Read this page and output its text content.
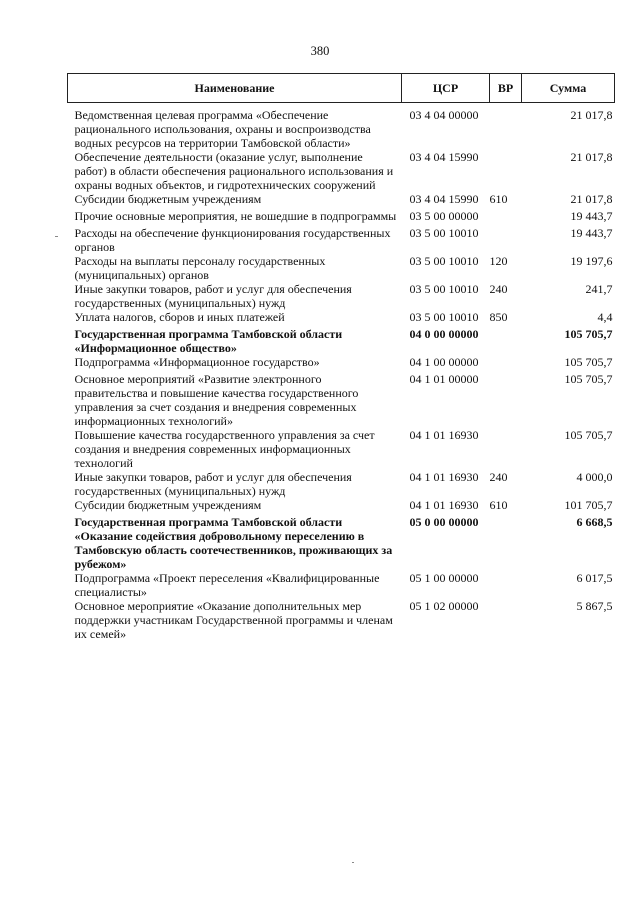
380
Наименование	ЦСР	ВР	Сумма

Ведомственная целевая программа «Обеспечение рационального использования, охраны и воспроизводства водных ресурсов на территории Тамбовской области»	03 4 04 00000		21 017,8
Обеспечение деятельности (оказание услуг, выполнение работ) в области обеспечения рационального использования и охраны водных объектов, и гидротехнических сооружений	03 4 04 15990		21 017,8
Субсидии бюджетным учреждениям	03 4 04 15990	610	21 017,8
Прочие основные мероприятия, не вошедшие в подпрограммы	03 5 00 00000		19 443,7
Расходы на обеспечение функционирования государственных органов	03 5 00 10010		19 443,7
Расходы на выплаты персоналу государственных (муниципальных) органов	03 5 00 10010	120	19 197,6
Иные закупки товаров, работ и услуг для обеспечения государственных (муниципальных) нужд	03 5 00 10010	240	241,7
Уплата налогов, сборов и иных платежей	03 5 00 10010	850	4,4
Государственная программа Тамбовской области «Информационное общество»	04 0 00 00000		105 705,7
Подпрограмма «Информационное государство»	04 1 00 00000		105 705,7
Основное мероприятий «Развитие электронного правительства и повышение качества государственного управления за счет создания и внедрения современных информационных технологий»	04 1 01 00000		105 705,7
Повышение качества государственного управления за счет создания и внедрения современных информационных технологий	04 1 01 16930		105 705,7
Иные закупки товаров, работ и услуг для обеспечения государственных (муниципальных) нужд	04 1 01 16930	240	4 000,0
Субсидии бюджетным учреждениям	04 1 01 16930	610	101 705,7
Государственная программа Тамбовской области «Оказание содействия добровольному переселению в Тамбовскую область соотечественников, проживающих за рубежом»	05 0 00 00000		6 668,5
Подпрограмма «Проект переселения «Квалифицированные специалисты»	05 1 00 00000		6 017,5
Основное мероприятие «Оказание дополнительных мер поддержки участникам Государственной программы и членам их семей»	05 1 02 00000		5 867,5
